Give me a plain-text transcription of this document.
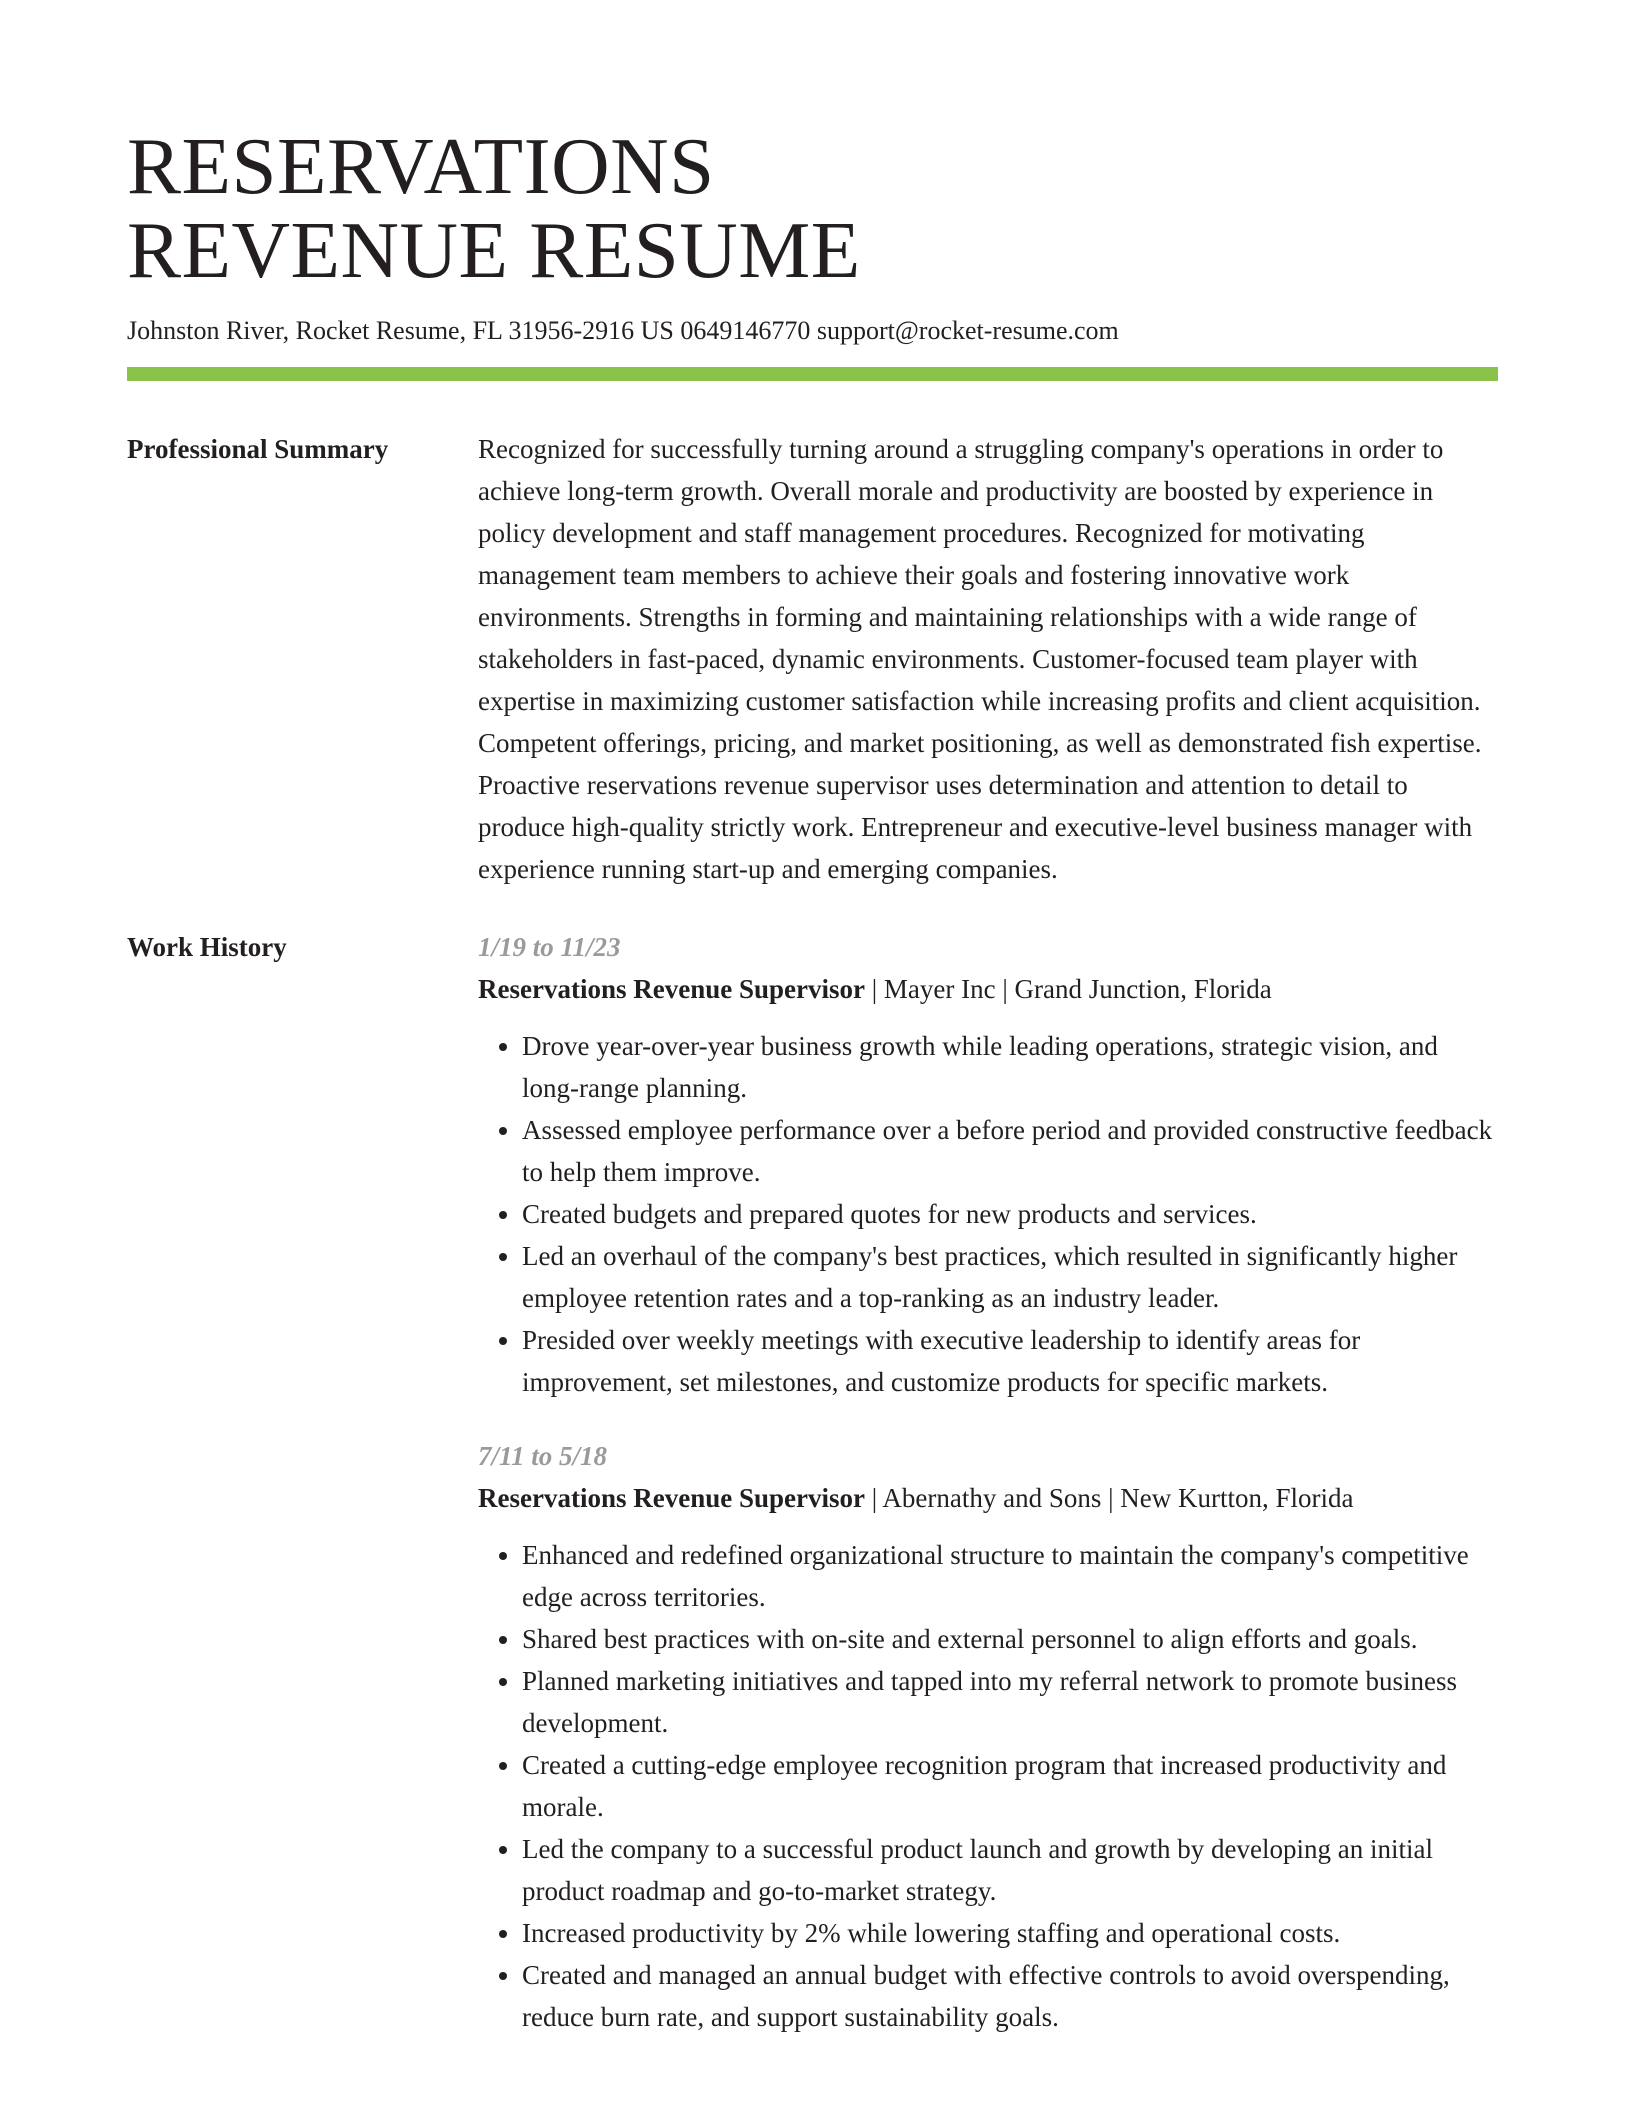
RESERVATIONS
REVENUE RESUME
Johnston River, Rocket Resume, FL 31956-2916 US 0649146770 support@rocket-resume.com
Professional Summary	Recognized for successfully turning around a struggling company's operations in order to achieve long-term growth. Overall morale and productivity are boosted by experience in policy development and staff management procedures. Recognized for motivating management team members to achieve their goals and fostering innovative work environments. Strengths in forming and maintaining relationships with a wide range of stakeholders in fast-paced, dynamic environments. Customer-focused team player with expertise in maximizing customer satisfaction while increasing profits and client acquisition. Competent offerings, pricing, and market positioning, as well as demonstrated fish expertise. Proactive reservations revenue supervisor uses determination and attention to detail to produce high-quality strictly work. Entrepreneur and executive-level business manager with experience running start-up and emerging companies.

Work History	1/19 to 11/23
Reservations Revenue Supervisor | Mayer Inc | Grand Junction, Florida
• Drove year-over-year business growth while leading operations, strategic vision, and long-range planning.
• Assessed employee performance over a before period and provided constructive feedback to help them improve.
• Created budgets and prepared quotes for new products and services.
• Led an overhaul of the company's best practices, which resulted in significantly higher employee retention rates and a top-ranking as an industry leader.
• Presided over weekly meetings with executive leadership to identify areas for improvement, set milestones, and customize products for specific markets.
7/11 to 5/18
Reservations Revenue Supervisor | Abernathy and Sons | New Kurtton, Florida
• Enhanced and redefined organizational structure to maintain the company's competitive edge across territories.
• Shared best practices with on-site and external personnel to align efforts and goals.
• Planned marketing initiatives and tapped into my referral network to promote business development.
• Created a cutting-edge employee recognition program that increased productivity and morale.
• Led the company to a successful product launch and growth by developing an initial product roadmap and go-to-market strategy.
• Increased productivity by 2% while lowering staffing and operational costs.
• Created and managed an annual budget with effective controls to avoid overspending, reduce burn rate, and support sustainability goals.
